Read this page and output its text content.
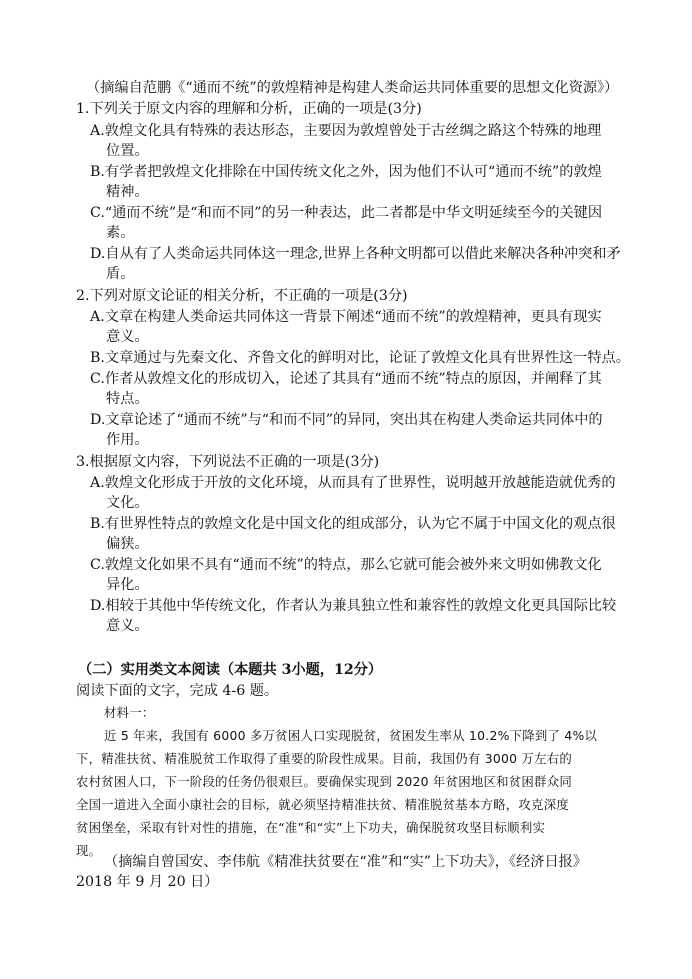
（摘编自范鹏《“通而不统”的敦煌精神是构建人类命运共同体重要的思想文化资源》）
1.下列关于原文内容的理解和分析，正确的一项是(3分)
A.敦煌文化具有特殊的表达形态，主要因为敦煌曾处于古丝绸之路这个特殊的地理
位置。
B.有学者把敦煌文化排除在中国传统文化之外，因为他们不认可“通而不统”的敦煌
精神。
C.“通而不统”是“和而不同”的另一种表达，此二者都是中华文明延续至今的关键因
素。
D.自从有了人类命运共同体这一理念,世界上各种文明都可以借此来解决各种冲突和矛
盾。
2.下列对原文论证的相关分析，不正确的一项是(3分)
A.文章在构建人类命运共同体这一背景下阐述“通而不统”的敦煌精神，更具有现实
意义。
B.文章通过与先秦文化、齐鲁文化的鲜明对比，论证了敦煌文化具有世界性这一特点。
C.作者从敦煌文化的形成切入，论述了其具有“通而不统”特点的原因，并阐释了其
特点。
D.文章论述了“通而不统”与“和而不同”的异同，突出其在构建人类命运共同体中的
作用。
3.根据原文内容，下列说法不正确的一项是(3分)
A.敦煌文化形成于开放的文化环境，从而具有了世界性，说明越开放越能造就优秀的
文化。
B.有世界性特点的敦煌文化是中国文化的组成部分，认为它不属于中国文化的观点很
偏狭。
C.敦煌文化如果不具有“通而不统”的特点，那么它就可能会被外来文明如佛教文化
异化。
D.相较于其他中华传统文化，作者认为兼具独立性和兼容性的敦煌文化更具国际比较
意义。
（二）实用类文本阅读（本题共 3小题，12分）
阅读下面的文字，完成 4-6 题。
材料一：
近 5 年来，我国有 6000 多万贫困人口实现脱贫，贫困发生率从 10.2%下降到了 4%以
下，精准扶贫、精准脱贫工作取得了重要的阶段性成果。目前，我国仍有 3000 万左右的
农村贫困人口，下一阶段的任务仍很艰巨。要确保实现到 2020 年贫困地区和贫困群众同
全国一道进入全面小康社会的目标，就必须坚持精准扶贫、精准脱贫基本方略，攻克深度
贫困堡垒，采取有针对性的措施，在“准”和“实”上下功夫，确保脱贫攻坚目标顺利实
现。
（摘编自曾国安、李伟航《精准扶贫要在“准”和“实”上下功夫》，《经济日报》
2018 年 9 月 20 日）
